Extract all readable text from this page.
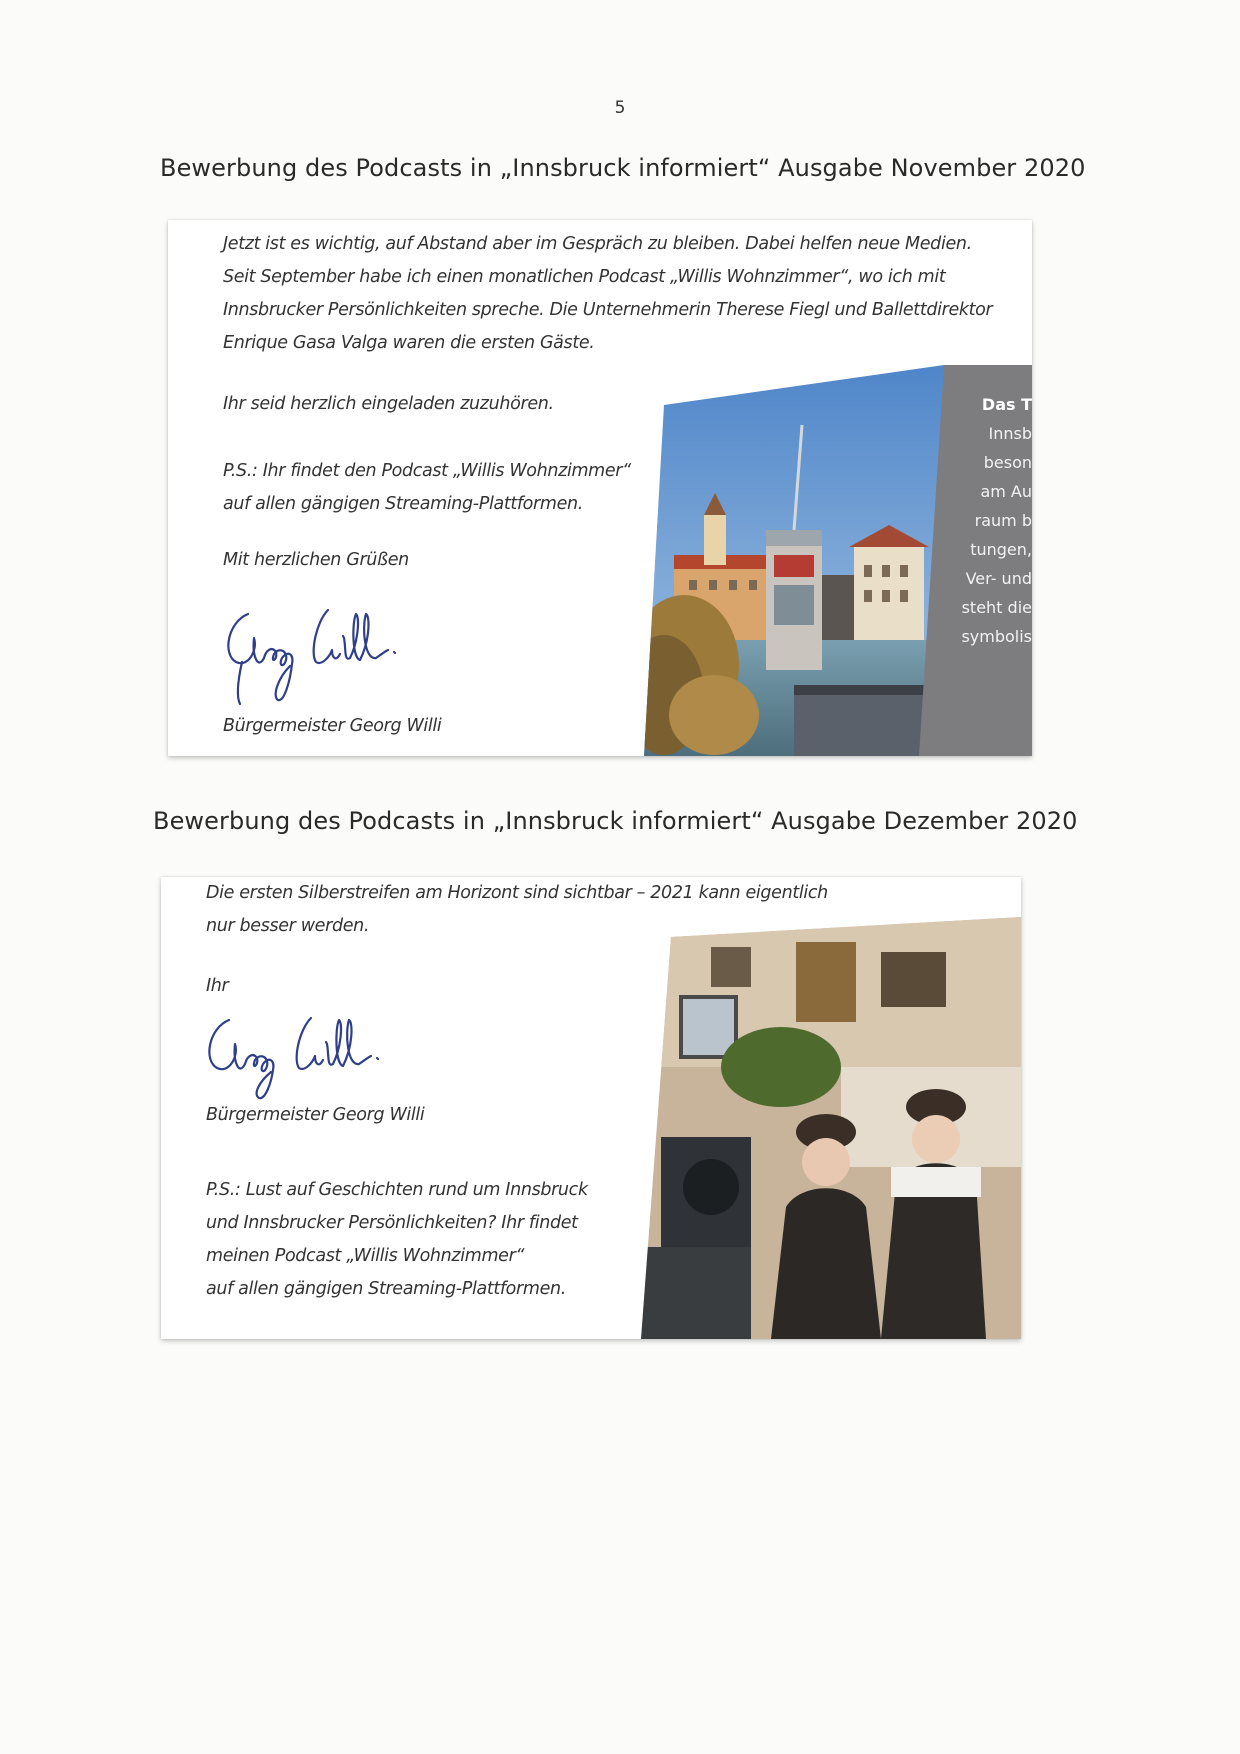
5
Bewerbung des Podcasts in „Innsbruck informiert“ Ausgabe November 2020
Jetzt ist es wichtig, auf Abstand aber im Gespräch zu bleiben. Dabei helfen neue Medien.
Seit September habe ich einen monatlichen Podcast „Willis Wohnzimmer“, wo ich mit
Innsbrucker Persönlichkeiten spreche. Die Unternehmerin Therese Fiegl und Ballettdirektor
Enrique Gasa Valga waren die ersten Gäste.
Ihr seid herzlich eingeladen zuzuhören.
P.S.: Ihr findet den Podcast „Willis Wohnzimmer“
auf allen gängigen Streaming-Plattformen.
Mit herzlichen Grüßen
Bürgermeister Georg Willi
Das T
Innsb
beson
am Au
raum b
tungen,
Ver- und
steht die
symbolis
Bewerbung des Podcasts in „Innsbruck informiert“ Ausgabe Dezember 2020
Die ersten Silberstreifen am Horizont sind sichtbar – 2021 kann eigentlich
nur besser werden.
Ihr
Bürgermeister Georg Willi
P.S.: Lust auf Geschichten rund um Innsbruck
und Innsbrucker Persönlichkeiten? Ihr findet
meinen Podcast „Willis Wohnzimmer“
auf allen gängigen Streaming-Plattformen.
